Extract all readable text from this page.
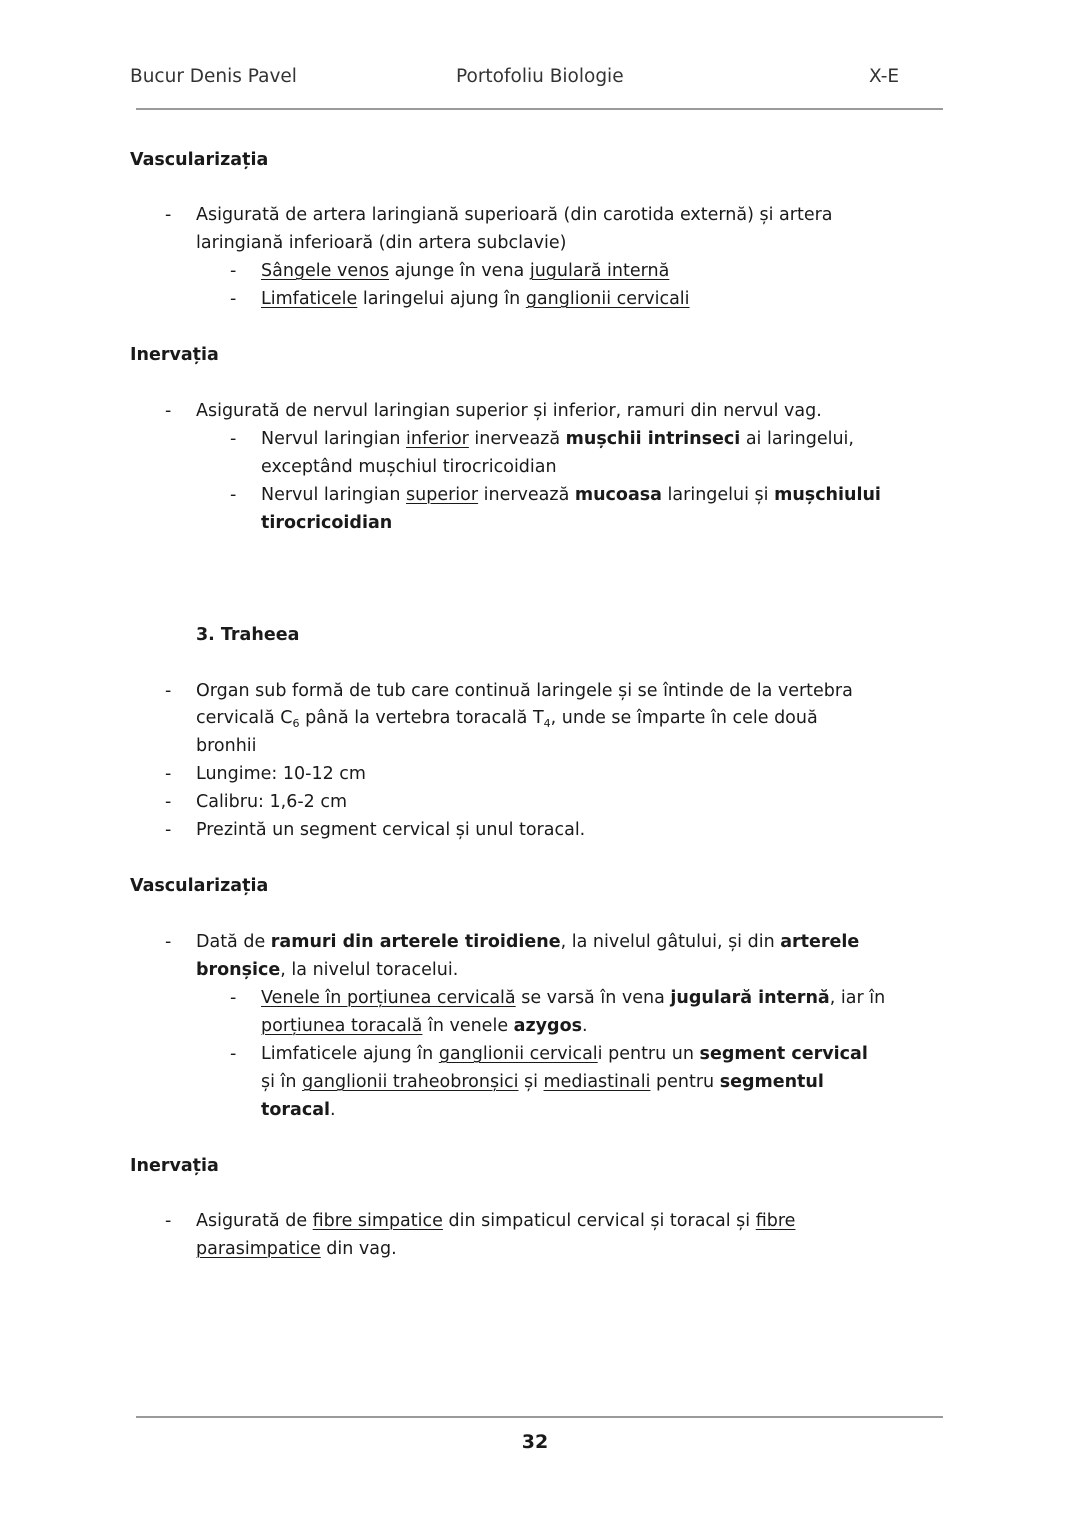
Bucur Denis Pavel	Portofoliu Biologie	X-E
Vascularizația
- Asigurată de artera laringiană superioară (din carotida externă) și artera
laringiană inferioară (din artera subclavie)
- Sângele venos ajunge în vena jugulară internă
- Limfaticele laringelui ajung în ganglionii cervicali
Inervația
- Asigurată de nervul laringian superior și inferior, ramuri din nervul vag.
- Nervul laringian inferior inervează mușchii intrinseci ai laringelui,
exceptând mușchiul tirocricoidian
- Nervul laringian superior inervează mucoasa laringelui și mușchiului
tirocricoidian
3. Traheea
- Organ sub formă de tub care continuă laringele și se întinde de la vertebra
cervicală $C_6$ până la vertebra toracală $T_4$, unde se împarte în cele două
bronhii
- Lungime: 10-12 cm
- Calibru: 1,6-2 cm
- Prezintă un segment cervical și unul toracal.
Vascularizația
- Dată de ramuri din arterele tiroidiene, la nivelul gâtului, și din arterele
bronșice, la nivelul toracelui.
- Venele în porțiunea cervicală se varsă în vena jugulară internă, iar în
porțiunea toracală în venele azygos.
- Limfaticele ajung în ganglionii cervicali pentru un segment cervical
și în ganglionii traheobronșici și mediastinali pentru segmentul
toracal.
Inervația
- Asigurată de fibre simpatice din simpaticul cervical și toracal și fibre
parasimpatice din vag.
32
